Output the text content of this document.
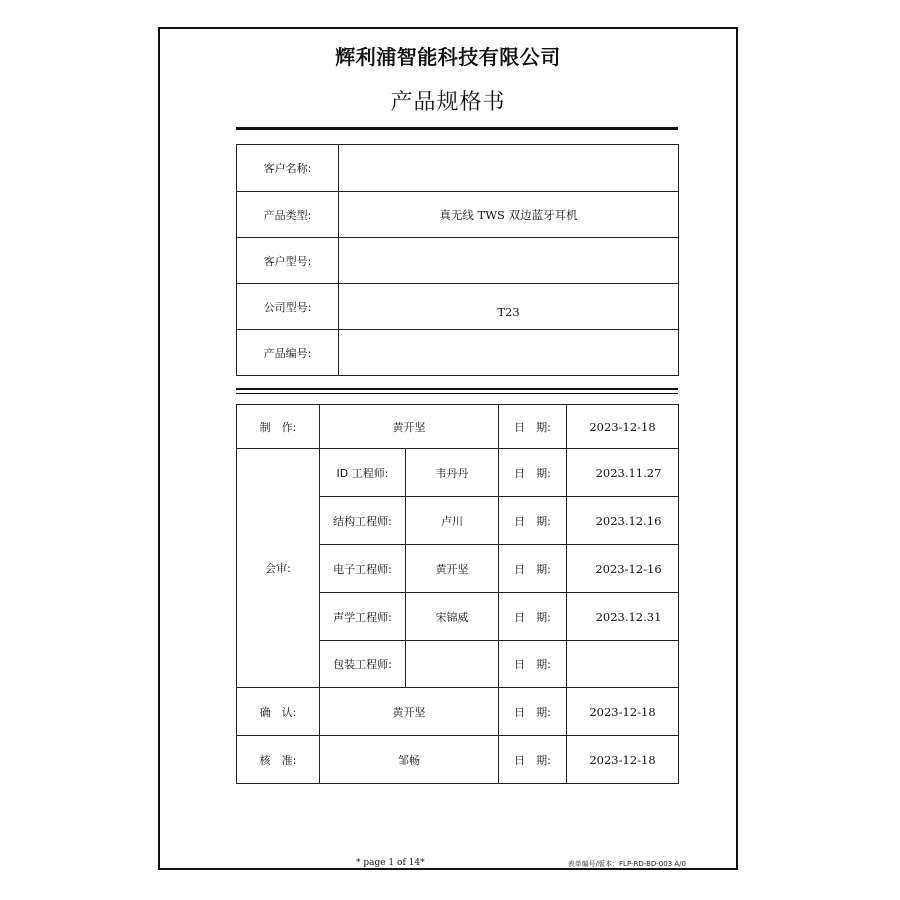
辉利浦智能科技有限公司
产品规格书
客户名称:	
产品类型:	真无线 TWS 双边蓝牙耳机
客户型号:	
公司型号:	T23
产品编号:	
制　作:	黄开坚		日　期:	2023-12-18
会审:	ID 工程师:	韦丹丹	日　期:	2023.11.27
	结构工程师:	卢川	日　期:	2023.12.16
	电子工程师:	黄开坚	日　期:	2023-12-16
	声学工程师:	宋锦威	日　期:	2023.12.31
	包装工程师:		日　期:	
确　认:	黄开坚		日　期:	2023-12-18
核　准:	邹畅		日　期:	2023-12-18
* page 1 of 14*	表单编号/版本：FLP-RD-BD-003 A/0
